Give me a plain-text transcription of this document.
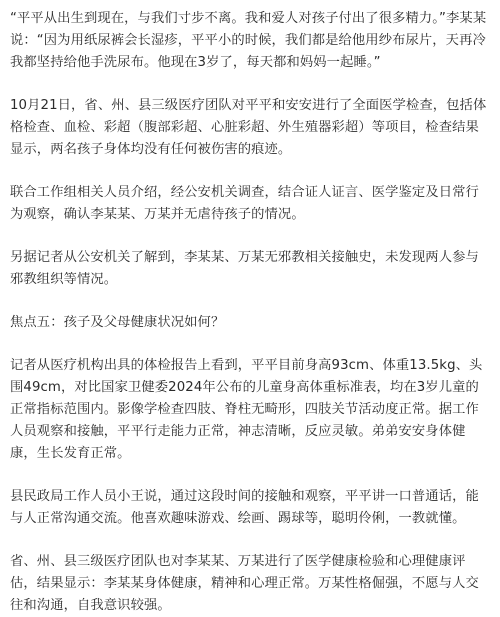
“平平从出生到现在，与我们寸步不离。我和爱人对孩子付出了很多精力。”李某某说：“因为用纸尿裤会长湿疹，平平小的时候，我们都是给他用纱布尿片，天再冷我都坚持给他手洗尿布。他现在3岁了，每天都和妈妈一起睡。”

10月21日，省、州、县三级医疗团队对平平和安安进行了全面医学检查，包括体格检查、血检、彩超（腹部彩超、心脏彩超、外生殖器彩超）等项目，检查结果显示，两名孩子身体均没有任何被伤害的痕迹。

联合工作组相关人员介绍，经公安机关调查，结合证人证言、医学鉴定及日常行为观察，确认李某某、万某并无虐待孩子的情况。

另据记者从公安机关了解到，李某某、万某无邪教相关接触史，未发现两人参与邪教组织等情况。

焦点五：孩子及父母健康状况如何？

记者从医疗机构出具的体检报告上看到，平平目前身高93cm、体重13.5kg、头围49cm，对比国家卫健委2024年公布的儿童身高体重标准表，均在3岁儿童的正常指标范围内。影像学检查四肢、脊柱无畸形，四肢关节活动度正常。据工作人员观察和接触，平平行走能力正常，神志清晰，反应灵敏。弟弟安安身体健康，生长发育正常。

县民政局工作人员小王说，通过这段时间的接触和观察，平平讲一口普通话，能与人正常沟通交流。他喜欢趣味游戏、绘画、踢球等，聪明伶俐，一教就懂。

省、州、县三级医疗团队也对李某某、万某进行了医学健康检验和心理健康评估，结果显示：李某某身体健康，精神和心理正常。万某性格倔强，不愿与人交往和沟通，自我意识较强。
